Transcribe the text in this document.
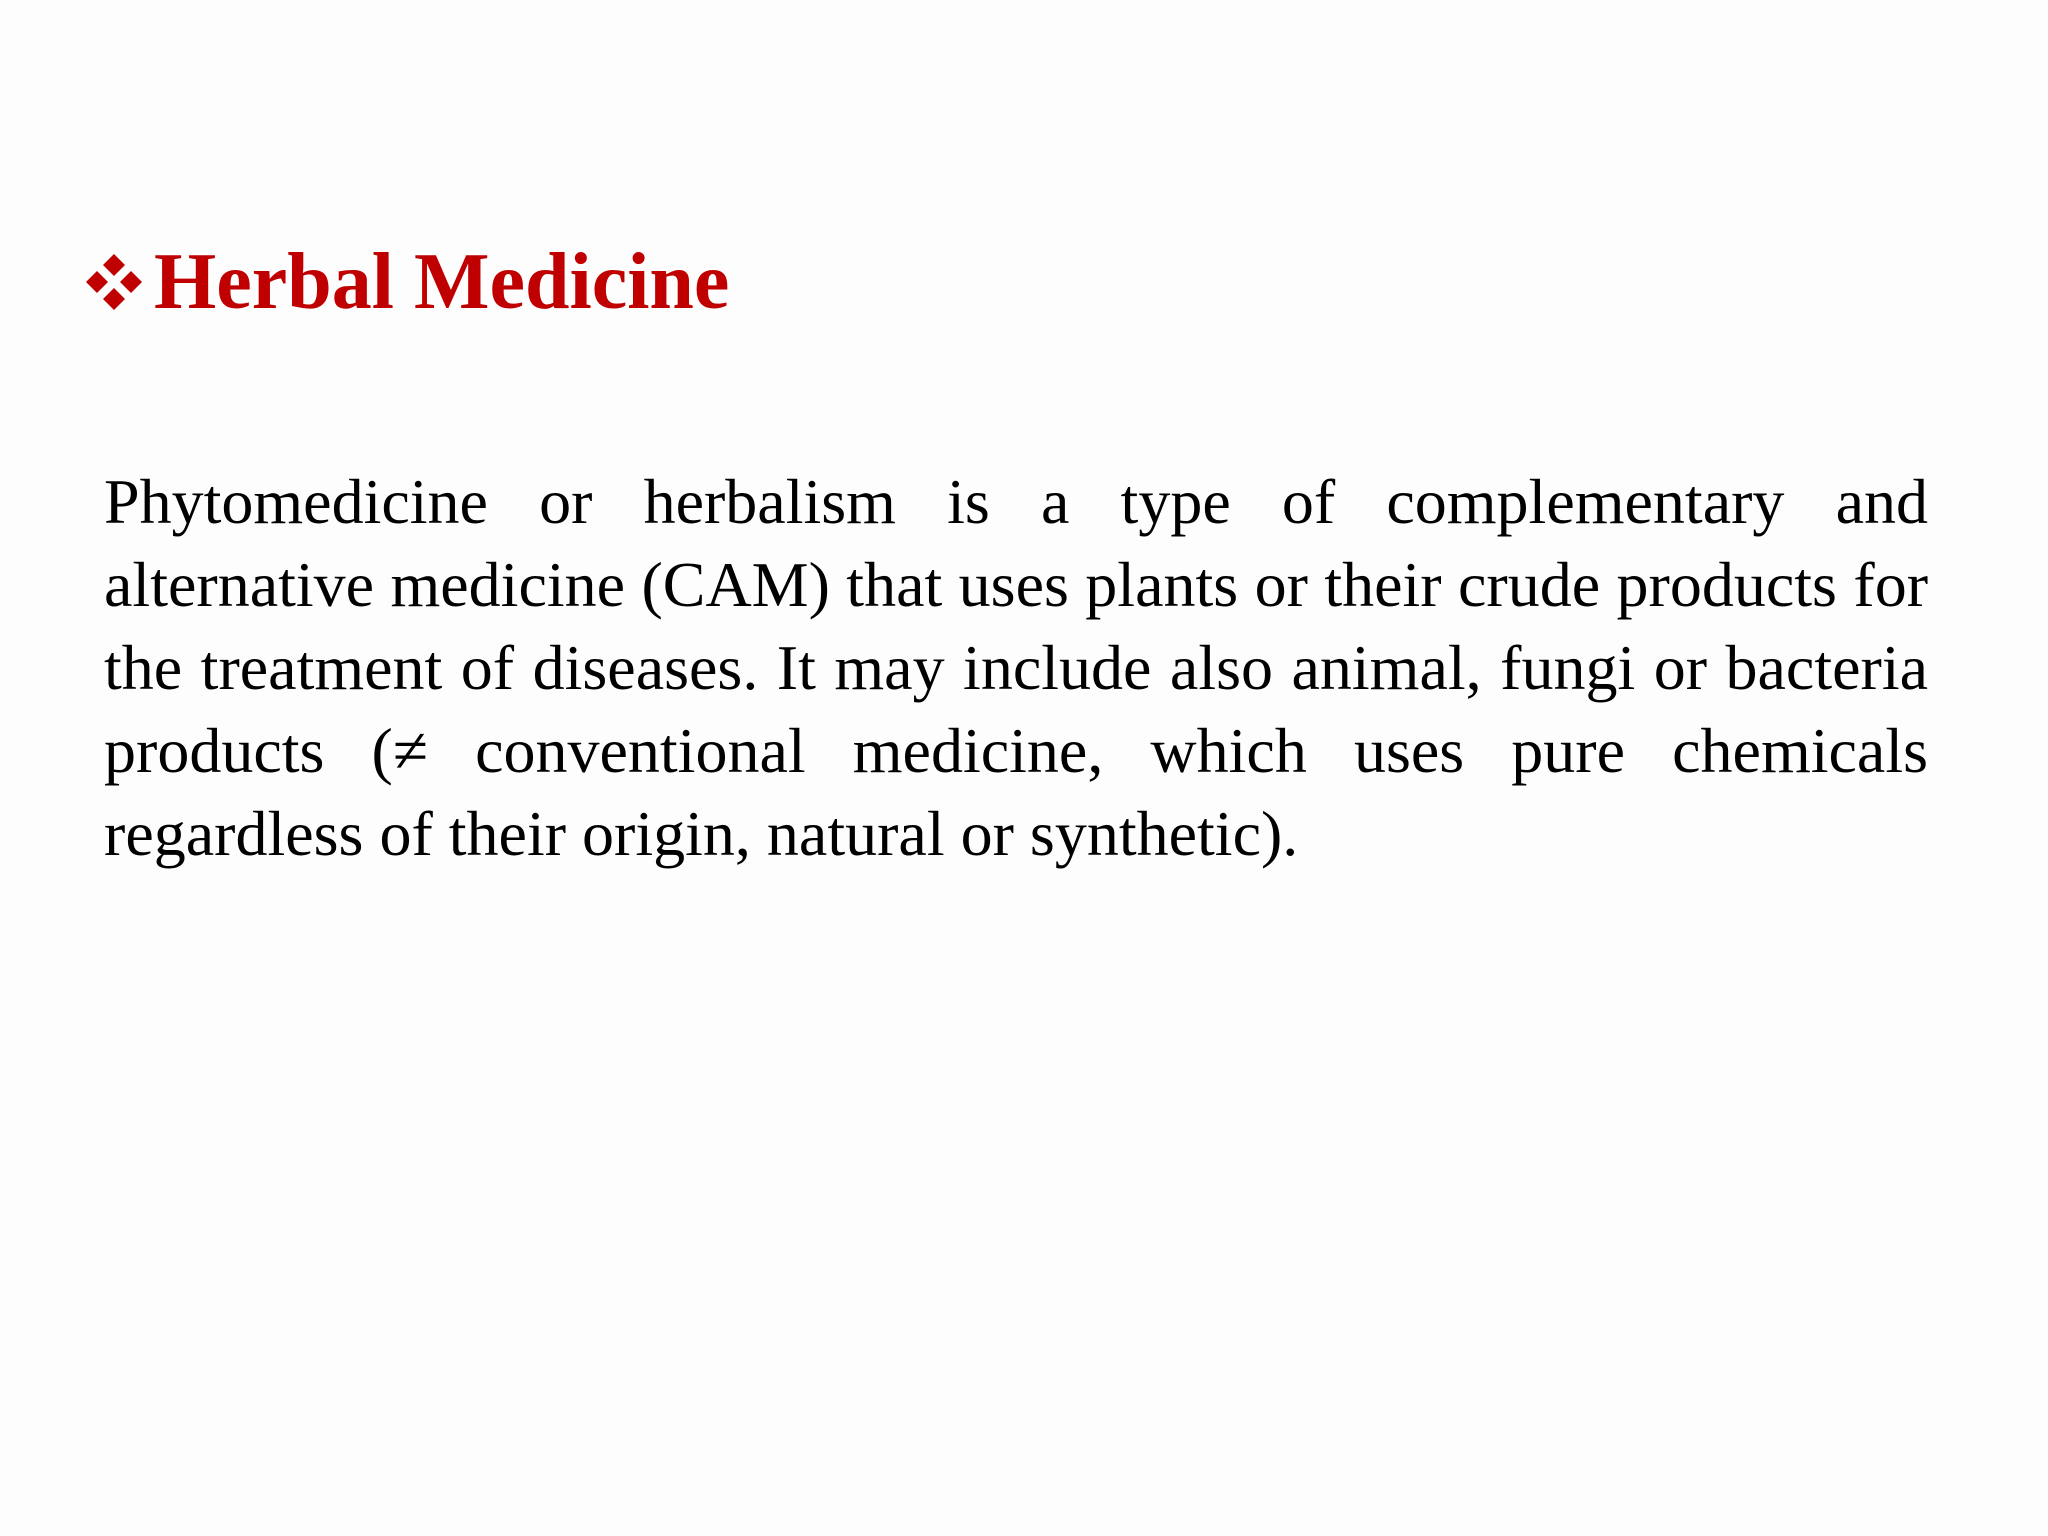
Herbal Medicine

Phytomedicine or herbalism is a type of complementary and alternative medicine (CAM) that uses plants or their crude products for the treatment of diseases. It may include also animal, fungi or bacteria products (≠ conventional medicine, which uses pure chemicals regardless of their origin, natural or synthetic).
